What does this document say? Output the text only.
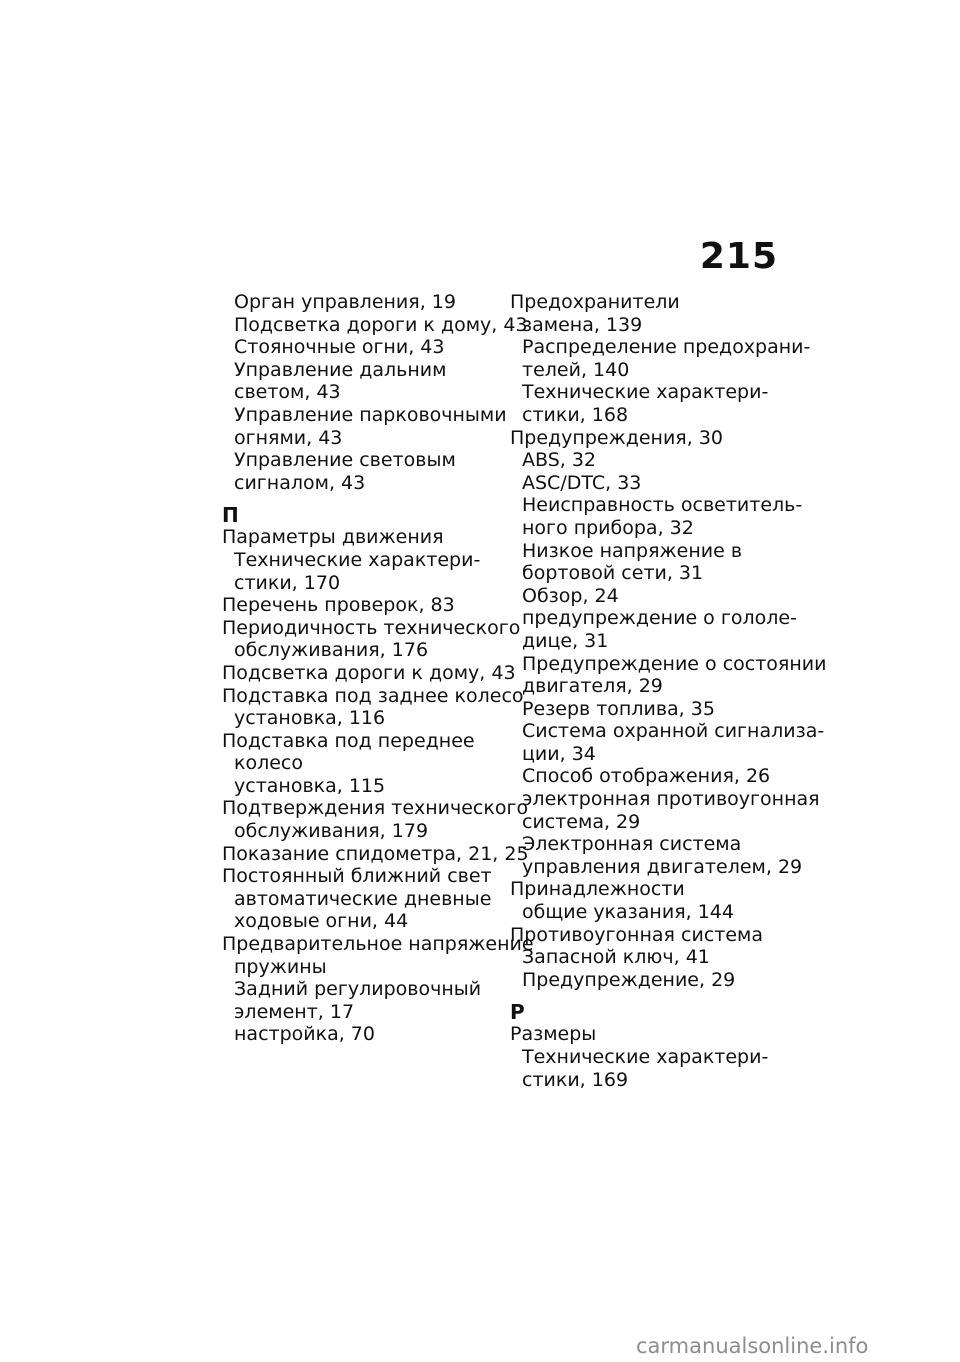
215
Орган управления, 19
Подсветка дороги к дому, 43
Стояночные огни, 43
Управление дальним
светом, 43
Управление парковочными
огнями, 43
Управление световым
сигналом, 43
П
Параметры движения
Технические характери-
стики, 170
Перечень проверок, 83
Периодичность технического
обслуживания, 176
Подсветка дороги к дому, 43
Подставка под заднее колесо
установка, 116
Подставка под переднее
колесо
установка, 115
Подтверждения технического
обслуживания, 179
Показание спидометра, 21, 25
Постоянный ближний свет
автоматические дневные
ходовые огни, 44
Предварительное напряжение
пружины
Задний регулировочный
элемент, 17
настройка, 70
Предохранители
замена, 139
Распределение предохрани-
телей, 140
Технические характери-
стики, 168
Предупреждения, 30
ABS, 32
ASC/DTC, 33
Неисправность осветитель-
ного прибора, 32
Низкое напряжение в
бортовой сети, 31
Обзор, 24
предупреждение о гололе-
дице, 31
Предупреждение о состоянии
двигателя, 29
Резерв топлива, 35
Система охранной сигнализа-
ции, 34
Способ отображения, 26
электронная противоугонная
система, 29
Электронная система
управления двигателем, 29
Принадлежности
общие указания, 144
Противоугонная система
Запасной ключ, 41
Предупреждение, 29
Р
Размеры
Технические характери-
стики, 169
carmanualsonline.info
